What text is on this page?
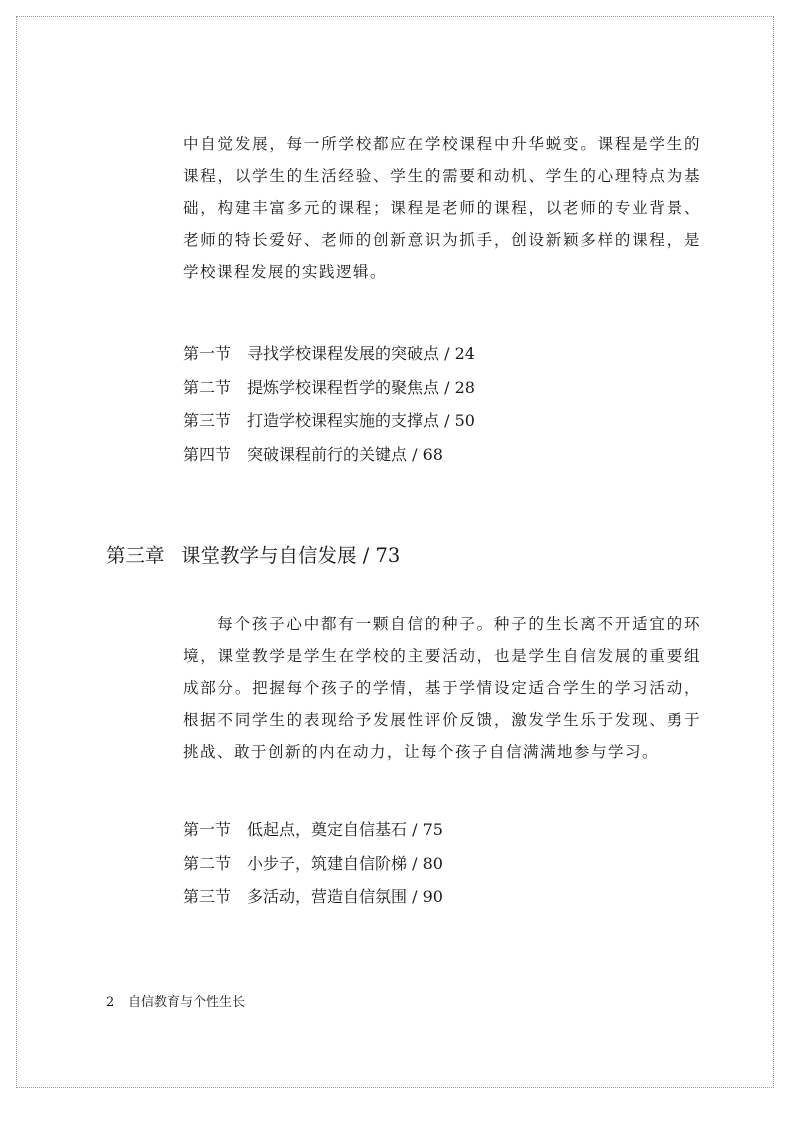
中自觉发展，每一所学校都应在学校课程中升华蜕变。课程是学生的课程，以学生的生活经验、学生的需要和动机、学生的心理特点为基础，构建丰富多元的课程；课程是老师的课程，以老师的专业背景、老师的特长爱好、老师的创新意识为抓手，创设新颖多样的课程，是学校课程发展的实践逻辑。

第一节 寻找学校课程发展的突破点 / 24
第二节 提炼学校课程哲学的聚焦点 / 28
第三节 打造学校课程实施的支撑点 / 50
第四节 突破课程前行的关键点 / 68
第三章 课堂教学与自信发展 / 73

每个孩子心中都有一颗自信的种子。种子的生长离不开适宜的环境，课堂教学是学生在学校的主要活动，也是学生自信发展的重要组成部分。把握每个孩子的学情，基于学情设定适合学生的学习活动，根据不同学生的表现给予发展性评价反馈，激发学生乐于发现、勇于挑战、敢于创新的内在动力，让每个孩子自信满满地参与学习。

第一节 低起点，奠定自信基石 / 75
第二节 小步子，筑建自信阶梯 / 80
第三节 多活动，营造自信氛围 / 90
2 自信教育与个性生长
